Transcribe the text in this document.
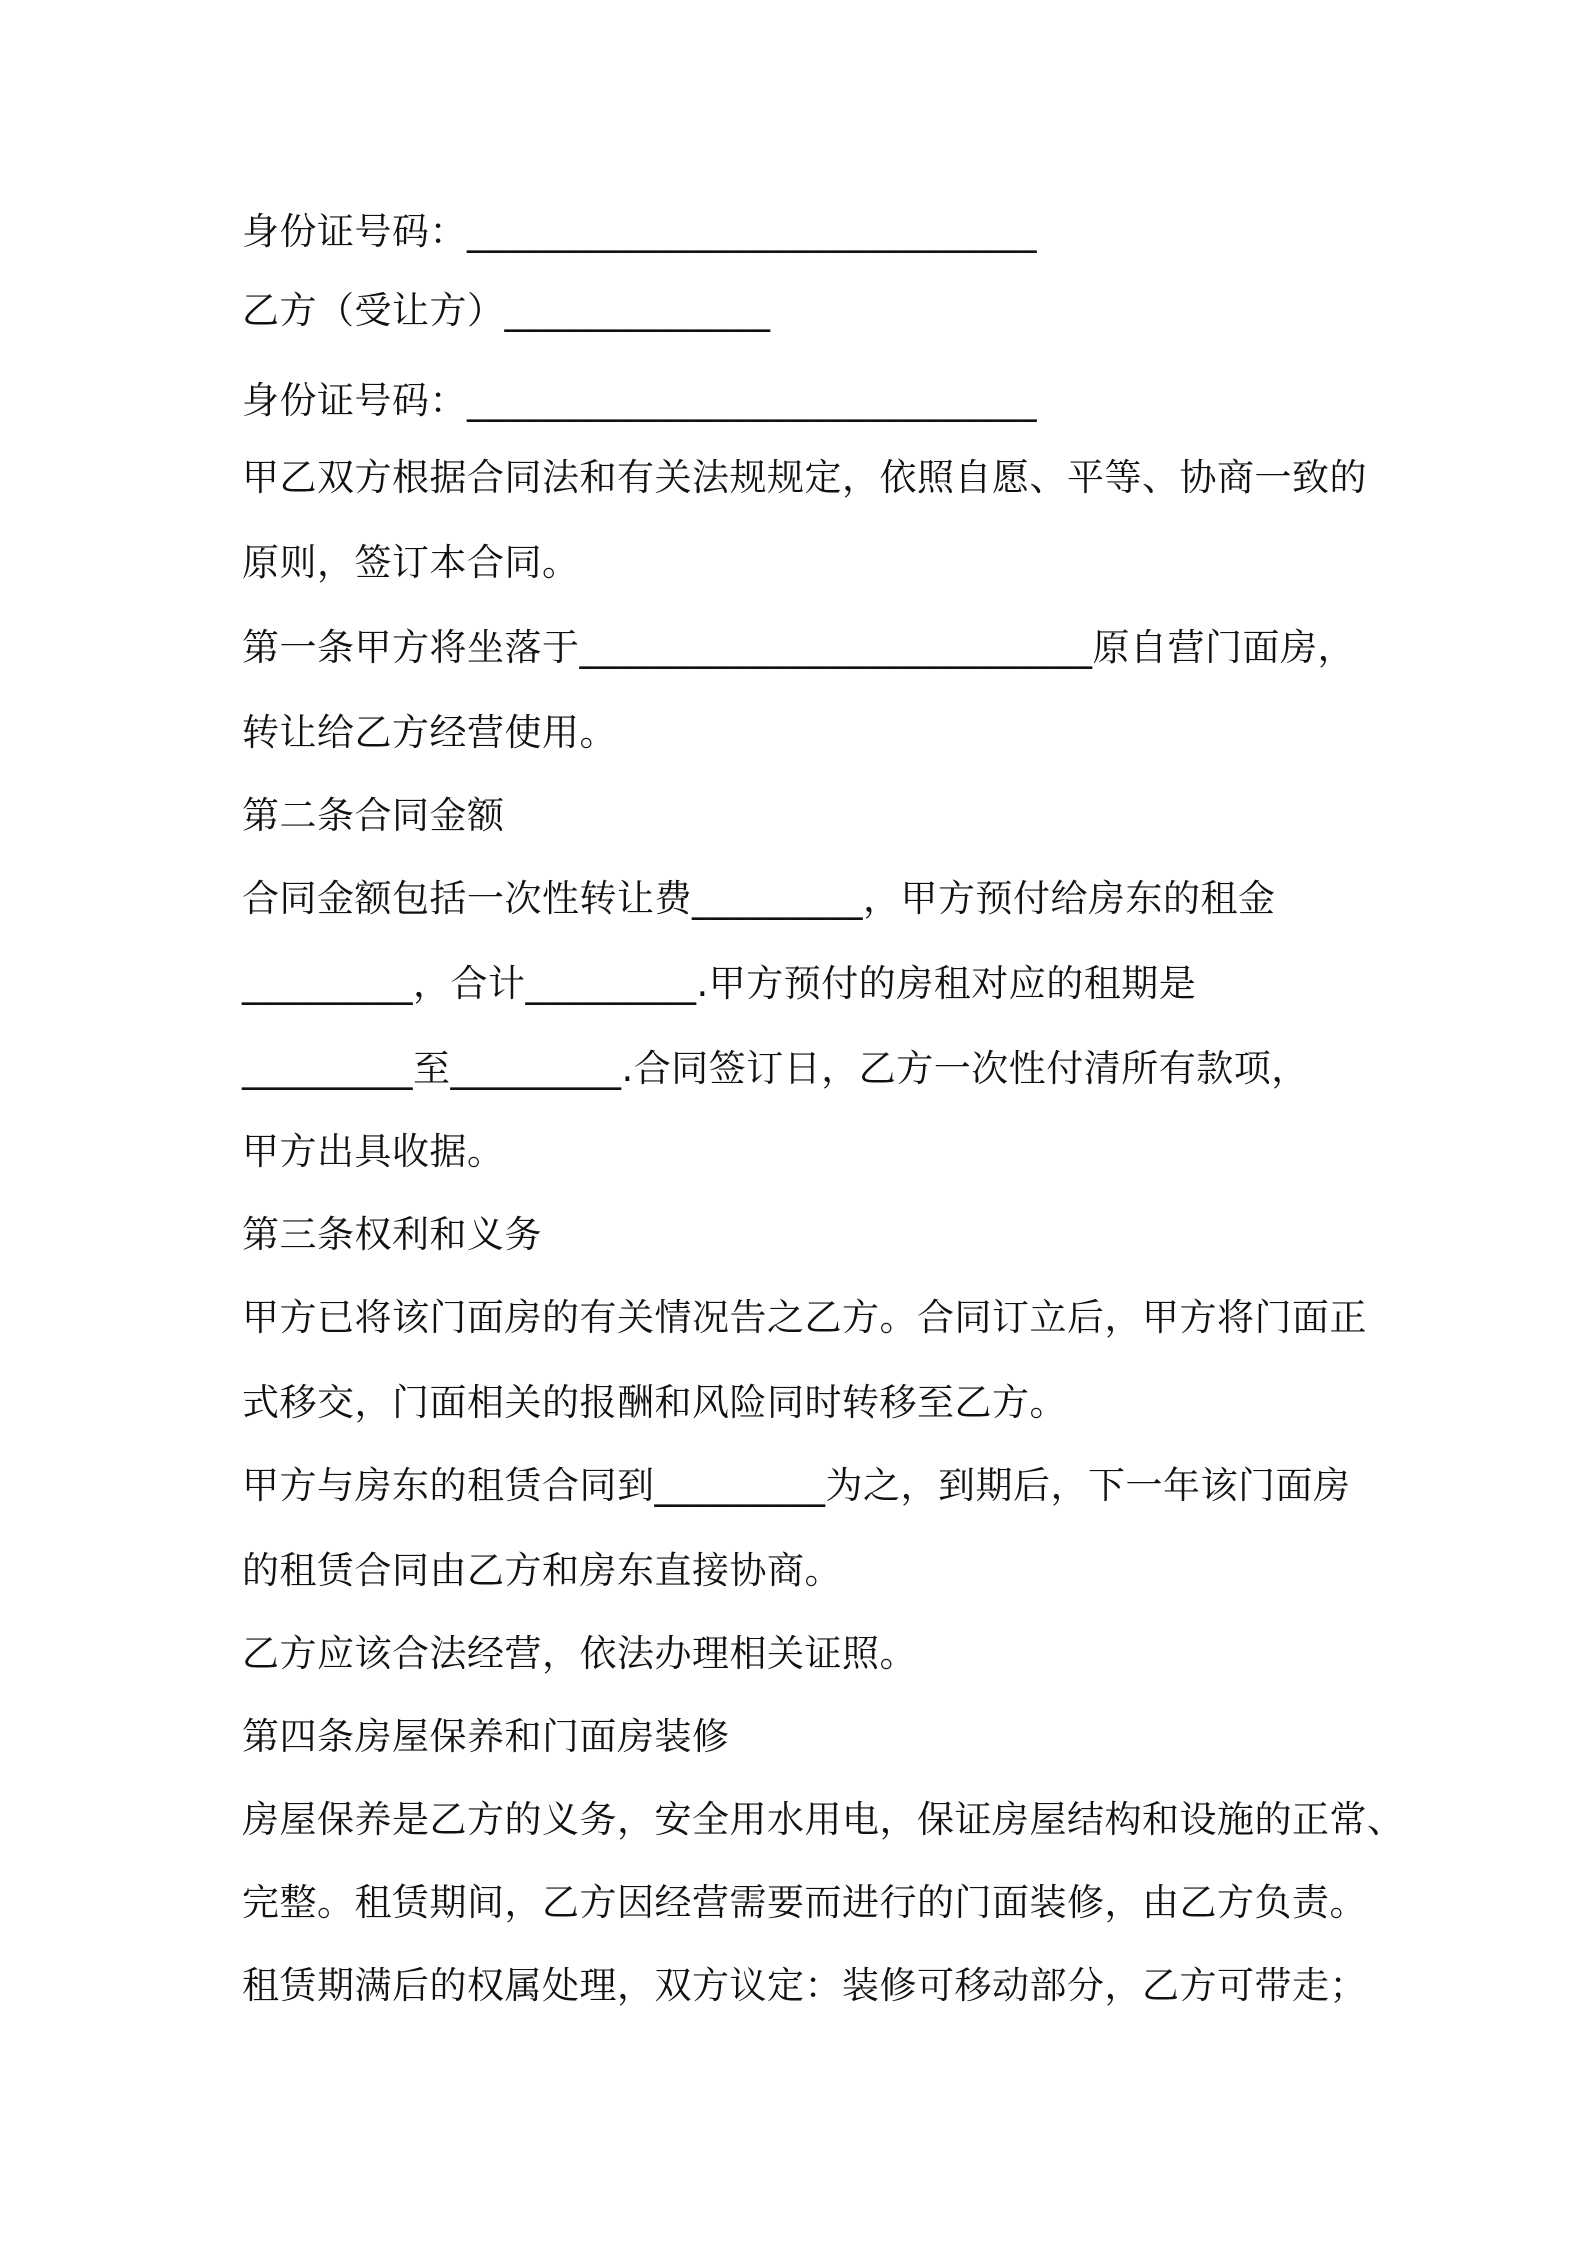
身份证号码：______________________________
乙方（受让方）______________
身份证号码：______________________________
甲乙双方根据合同法和有关法规规定，依照自愿、平等、协商一致的
原则，签订本合同。
第一条甲方将坐落于___________________________原自营门面房，
转让给乙方经营使用。
第二条合同金额
合同金额包括一次性转让费_________，甲方预付给房东的租金
_________，合计_________.甲方预付的房租对应的租期是
_________至_________.合同签订日，乙方一次性付清所有款项，
甲方出具收据。
第三条权利和义务
甲方已将该门面房的有关情况告之乙方。合同订立后，甲方将门面正
式移交，门面相关的报酬和风险同时转移至乙方。
甲方与房东的租赁合同到_________为之，到期后，下一年该门面房
的租赁合同由乙方和房东直接协商。
乙方应该合法经营，依法办理相关证照。
第四条房屋保养和门面房装修
房屋保养是乙方的义务，安全用水用电，保证房屋结构和设施的正常、
完整。租赁期间，乙方因经营需要而进行的门面装修，由乙方负责。
租赁期满后的权属处理，双方议定：装修可移动部分，乙方可带走；
